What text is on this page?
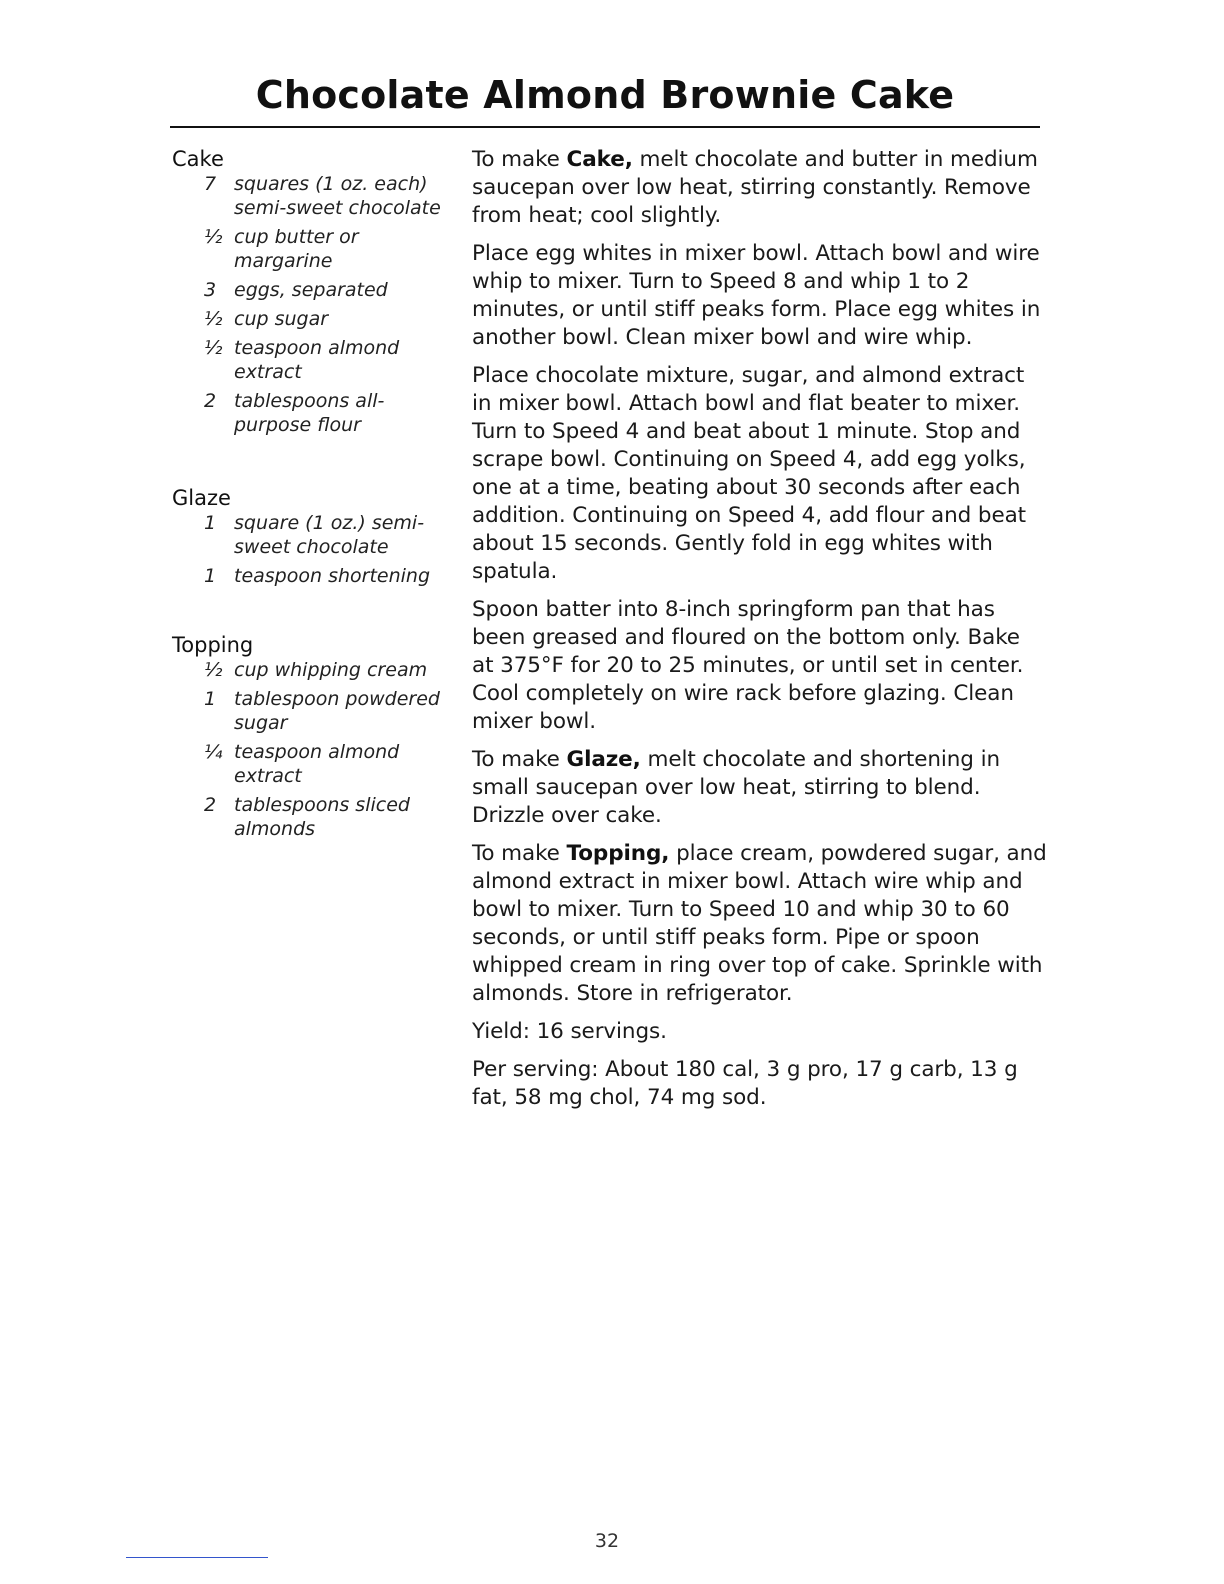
Chocolate Almond Brownie Cake
Cake
7 squares (1 oz. each) semi-sweet chocolate
½ cup butter or margarine
3 eggs, separated
½ cup sugar
½ teaspoon almond extract
2 tablespoons all-purpose flour
Glaze
1 square (1 oz.) semi-sweet chocolate
1 teaspoon shortening
Topping
½ cup whipping cream
1 tablespoon powdered sugar
¼ teaspoon almond extract
2 tablespoons sliced almonds

To make Cake, melt chocolate and butter in medium saucepan over low heat, stirring constantly. Remove from heat; cool slightly.

Place egg whites in mixer bowl. Attach bowl and wire whip to mixer. Turn to Speed 8 and whip 1 to 2 minutes, or until stiff peaks form. Place egg whites in another bowl. Clean mixer bowl and wire whip.

Place chocolate mixture, sugar, and almond extract in mixer bowl. Attach bowl and flat beater to mixer. Turn to Speed 4 and beat about 1 minute. Stop and scrape bowl. Continuing on Speed 4, add egg yolks, one at a time, beating about 30 seconds after each addition. Continuing on Speed 4, add flour and beat about 15 seconds. Gently fold in egg whites with spatula.

Spoon batter into 8-inch springform pan that has been greased and floured on the bottom only. Bake at 375°F for 20 to 25 minutes, or until set in center. Cool completely on wire rack before glazing. Clean mixer bowl.

To make Glaze, melt chocolate and shortening in small saucepan over low heat, stirring to blend. Drizzle over cake.

To make Topping, place cream, powdered sugar, and almond extract in mixer bowl. Attach wire whip and bowl to mixer. Turn to Speed 10 and whip 30 to 60 seconds, or until stiff peaks form. Pipe or spoon whipped cream in ring over top of cake. Sprinkle with almonds. Store in refrigerator.

Yield: 16 servings.

Per serving: About 180 cal, 3 g pro, 17 g carb, 13 g fat, 58 mg chol, 74 mg sod.

32
